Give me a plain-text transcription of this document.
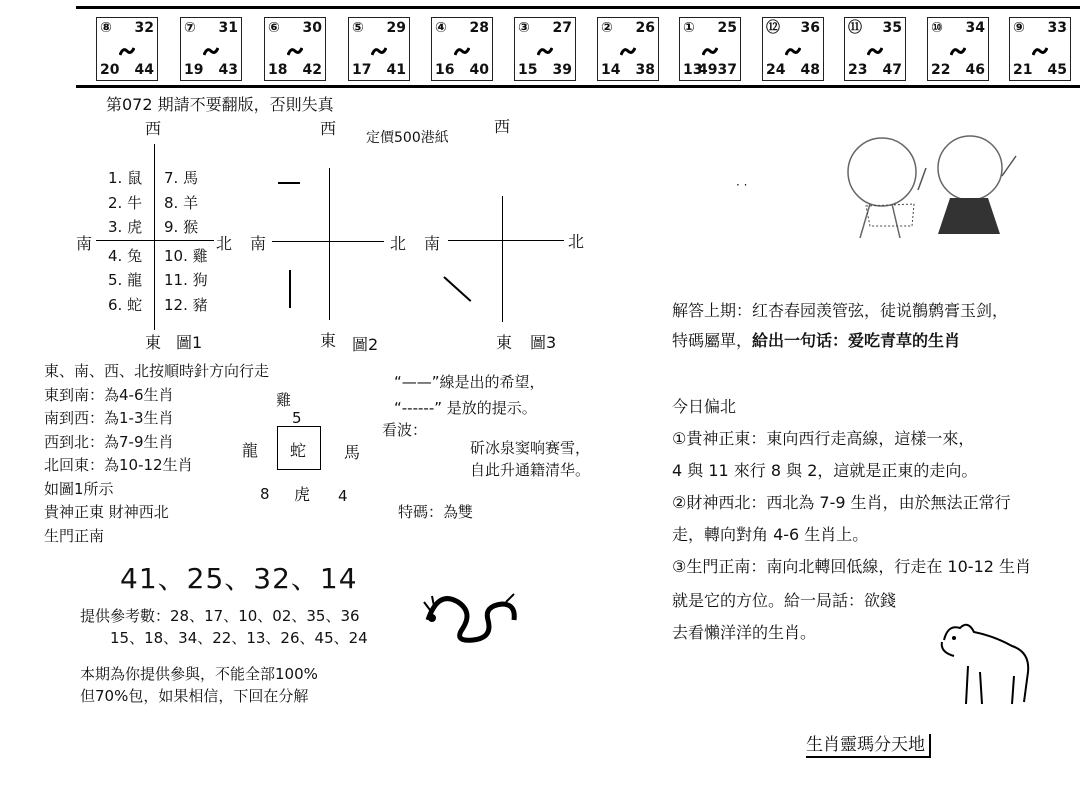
⑧ 32
20 44
⑦ 31
19 43
⑥ 30
18 42
⑤ 29
17 41
④ 28
16 40
③ 27
15 39
② 26
14 38
① 25
13
4937
⑫ 36
24 48
⑪ 35
23 47
⑩ 34
22 46
⑨ 33
21 45
第072 期請不要翻版，否則失真
定價500港紙
西	西	西
南	北 南	北 南	北
東 圖1	東 圖2	東 圖3
1. 鼠
2. 牛
3. 虎
4. 兔
5. 龍
6. 蛇
7. 馬
8. 羊
9. 猴
10. 雞
11. 狗
12. 豬
東、南、西、北按順時針方向行走
東到南：為4-6生肖
南到西：為1-3生肖
西到北：為7-9生肖
北回東：為10-12生肖
如圖1所示
貴神正東 財神西北
生門正南
“——”線是出的希望，
“------” 是放的提示。
雞
5
龍 蛇 馬
8 虎 4
看波：
斫冰泉窦响赛雪，
自此升通籍清华。
特碼：為雙
41、25、32、14
提供參考數：28、17、10、02、35、36
15、18、34、22、13、26、45、24
本期為你提供參與，不能全部100%
但70%包，如果相信，下回在分解
· ·
解答上期：红杏春园羡管弦，徒说鶺鹩膏玉剑，
特碼屬單，給出一句话：爱吃青草的生肖
今日偏北
①貴神正東：東向西行走高線，這樣一來，
4 與 11 來行 8 與 2，這就是正東的走向。
②財神西北：西北為 7-9 生肖，由於無法正常行
走，轉向對角 4-6 生肖上。
③生門正南：南向北轉回低線，行走在 10-12 生肖
就是它的方位。給一局話：欲錢
去看懶洋洋的生肖。
生肖靈瑪分天地
